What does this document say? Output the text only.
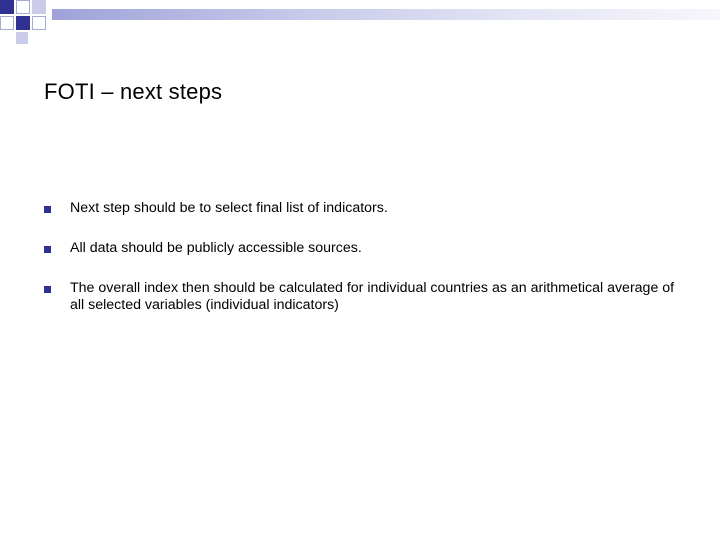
FOTI – next steps
Next step should be to select final list of indicators.
All data should be publicly accessible sources.
The overall index then should be calculated for individual countries as an arithmetical average of all selected variables (individual indicators)
